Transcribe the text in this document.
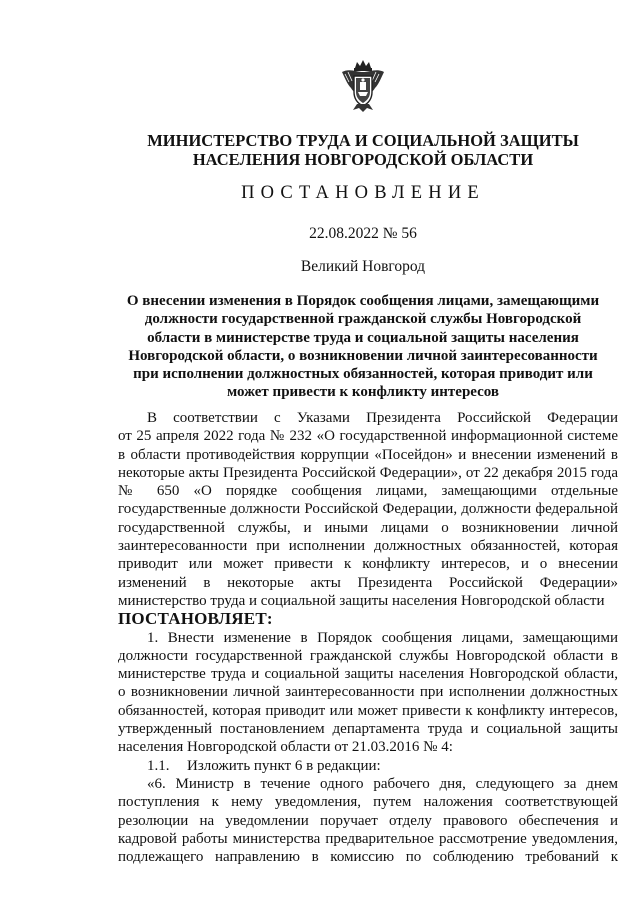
МИНИСТЕРСТВО ТРУДА И СОЦИАЛЬНОЙ ЗАЩИТЫ
НАСЕЛЕНИЯ НОВГОРОДСКОЙ ОБЛАСТИ
ПОСТАНОВЛЕНИЕ
22.08.2022 № 56
Великий Новгород
О внесении изменения в Порядок сообщения лицами, замещающими
должности государственной гражданской службы Новгородской
области в министерстве труда и социальной защиты населения
Новгородской области, о возникновении личной заинтересованности
при исполнении должностных обязанностей, которая приводит или
может привести к конфликту интересов

В соответствии с Указами Президента Российской Федерации

от 25 апреля 2022 года № 232 «О государственной информационной системе

в области противодействия коррупции «Посейдон» и внесении изменений в

некоторые акты Президента Российской Федерации», от 22 декабря 2015 года

№ 650 «О порядке сообщения лицами, замещающими отдельные

государственные должности Российской Федерации, должности федеральной

государственной службы, и иными лицами о возникновении личной

заинтересованности при исполнении должностных обязанностей, которая

приводит или может привести к конфликту интересов, и о внесении

изменений в некоторые акты Президента Российской Федерации»

министерство труда и социальной защиты населения Новгородской области

ПОСТАНОВЛЯЕТ:

1. Внести изменение в Порядок сообщения лицами, замещающими

должности государственной гражданской службы Новгородской области в

министерстве труда и социальной защиты населения Новгородской области,

о возникновении личной заинтересованности при исполнении должностных

обязанностей, которая приводит или может привести к конфликту интересов,

утвержденный постановлением департамента труда и социальной защиты

населения Новгородской области от 21.03.2016 № 4:

1.1. Изложить пункт 6 в редакции:

«6. Министр в течение одного рабочего дня, следующего за днем

поступления к нему уведомления, путем наложения соответствующей

резолюции на уведомлении поручает отделу правового обеспечения и

кадровой работы министерства предварительное рассмотрение уведомления,

подлежащего направлению в комиссию по соблюдению требований к
